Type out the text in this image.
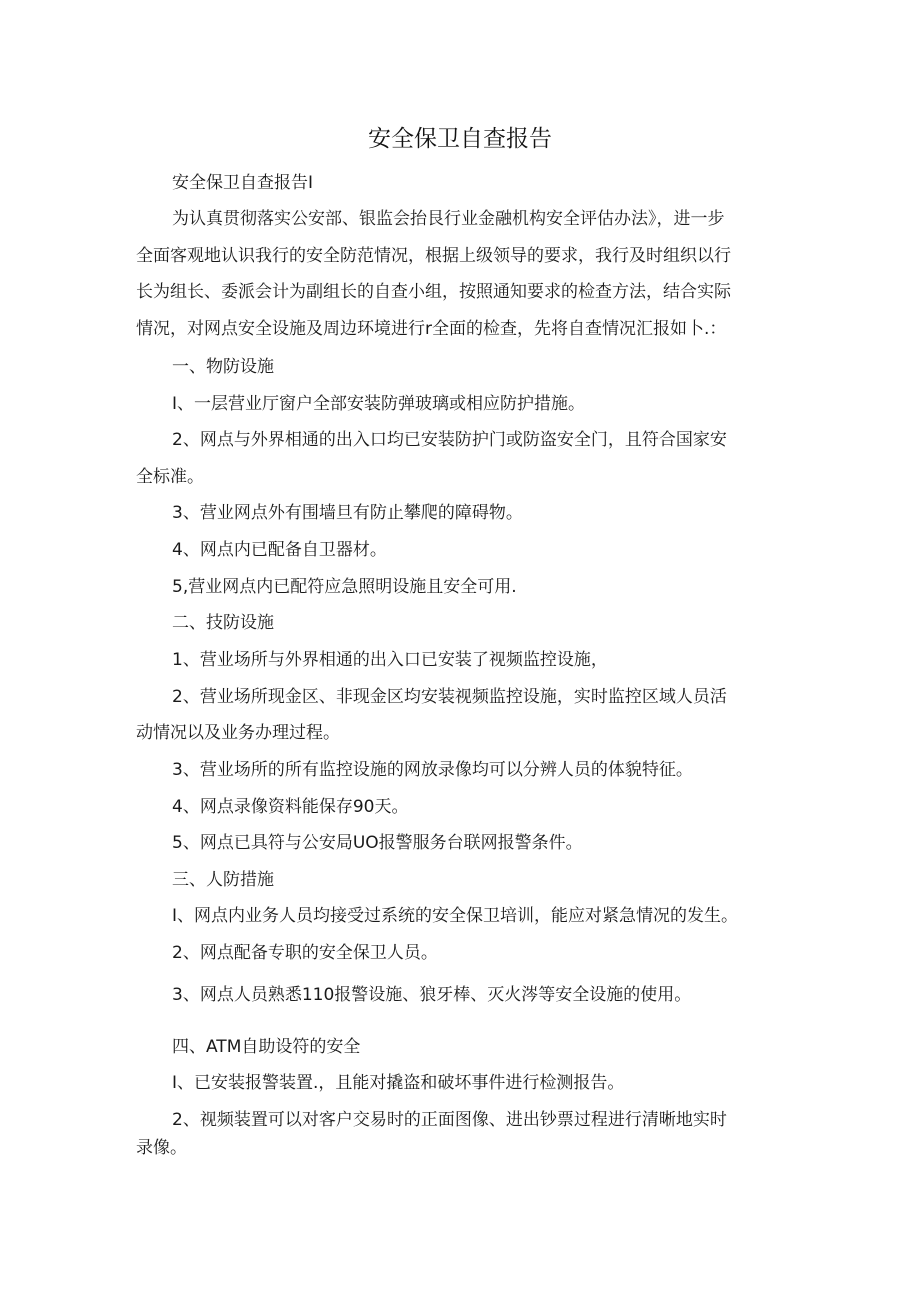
安全保卫自查报告
安全保卫自查报告I
为认真贯彻落实公安部、银监会抬艮行业金融机构安全评估办法》，进一步
全面客观地认识我行的安全防范情况，根据上级领导的要求，我行及时组织以行
长为组长、委派会计为副组长的自查小组，按照通知要求的检查方法，结合实际
情况，对网点安全设施及周边环境进行r全面的检查，先将自查情况汇报如卜.：
一、物防设施
I、一层营业厅窗户全部安装防弹玻璃或相应防护措施。
2、网点与外界相通的出入口均已安装防护门或防盗安全门，且符合国家安
全标准。
3、营业网点外有围墙旦有防止攀爬的障碍物。
4、网点内已配备自卫器材。
5,营业网点内已配符应急照明设施且安全可用.
二、技防设施
1、营业场所与外界相通的出入口已安装了视频监控设施，
2、营业场所现金区、非现金区均安装视频监控设施，实时监控区域人员活
动情况以及业务办理过程。
3、营业场所的所有监控设施的网放录像均可以分辨人员的体貌特征。
4、网点录像资料能保存90天。
5、网点已具符与公安局UO报警服务台联网报警条件。
三、人防措施
I、网点内业务人员均接受过系统的安全保卫培训，能应对紧急情况的发生。
2、网点配备专职的安全保卫人员。
3、网点人员熟悉110报警设施、狼牙棒、灭火涔等安全设施的使用。
四、ATM自助设符的安全
I、已安装报警装置.，且能对撬盗和破坏事件进行检测报告。
2、视频装置可以对客户交易时的正面图像、进出钞票过程进行清晰地实时
录像。
